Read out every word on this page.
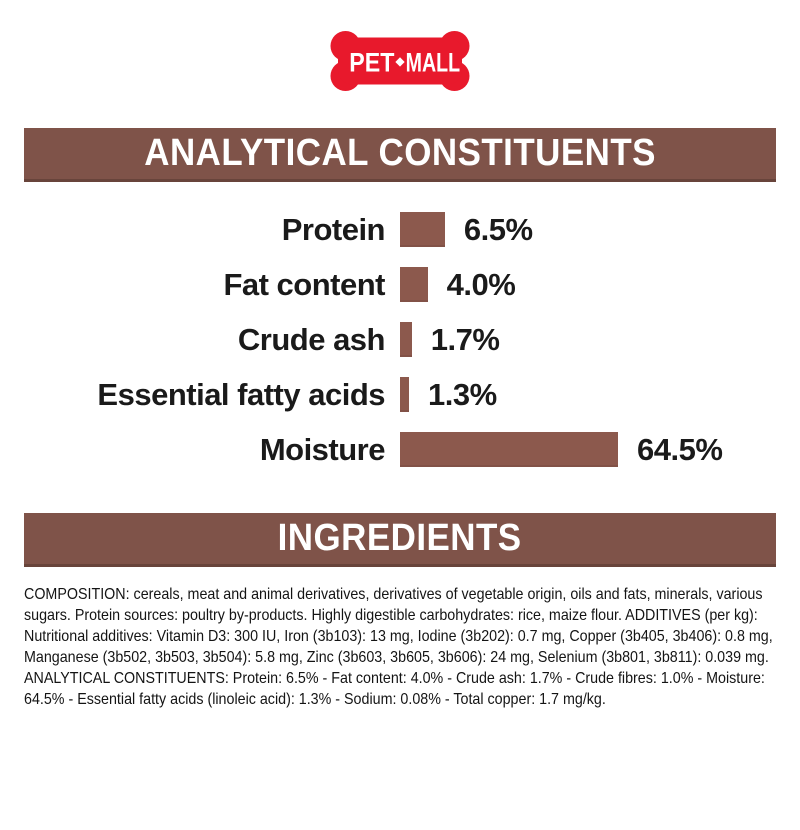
PET MALL
ANALYTICAL CONSTITUENTS
Protein	6.5%
Fat content	4.0%
Crude ash	1.7%
Essential fatty acids	1.3%
Moisture	64.5%
INGREDIENTS

COMPOSITION: cereals, meat and animal derivatives, derivatives of vegetable origin, oils and fats, minerals, various sugars. Protein sources: poultry by-products. Highly digestible carbohydrates: rice, maize flour. ADDITIVES (per kg): Nutritional additives: Vitamin D3: 300 IU, Iron (3b103): 13 mg, Iodine (3b202): 0.7 mg, Copper (3b405, 3b406): 0.8 mg, Manganese (3b502, 3b503, 3b504): 5.8 mg, Zinc (3b603, 3b605, 3b606): 24 mg, Selenium (3b801, 3b811): 0.039 mg. ANALYTICAL CONSTITUENTS: Protein: 6.5% - Fat content: 4.0% - Crude ash: 1.7% - Crude fibres: 1.0% - Moisture: 64.5% - Essential fatty acids (linoleic acid): 1.3% - Sodium: 0.08% - Total copper: 1.7 mg/kg.
